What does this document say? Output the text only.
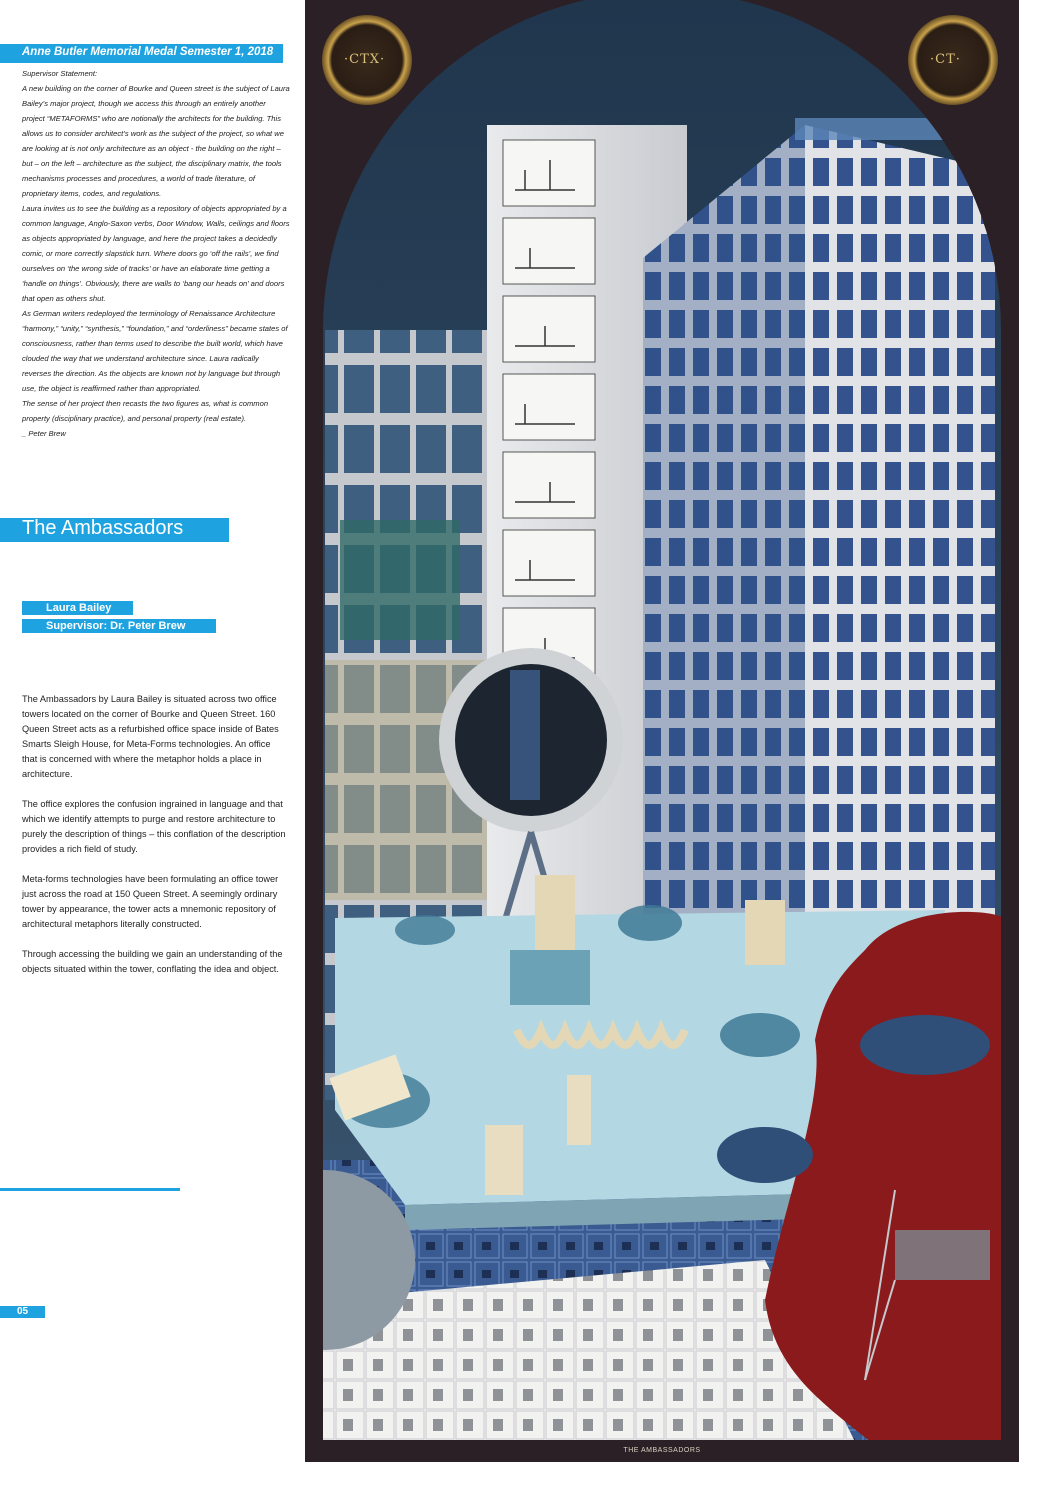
Anne Butler Memorial Medal Semester 1, 2018

Supervisor Statement:

A new building on the corner of Bourke and Queen street is the subject of Laura Bailey’s major project, though we access this through an entirely another project “METAFORMS” who are notionally the architects for the building. This allows us to consider architect’s work as the subject of the project, so what we are looking at is not only architecture as an object - the building on the right – but – on the left – architecture as the subject, the disciplinary matrix, the tools mechanisms processes and procedures, a world of trade literature, of proprietary items, codes, and regulations.

Laura invites us to see the building as a repository of objects appropriated by a common language, Anglo-Saxon verbs, Door Window, Walls, ceilings and floors as objects appropriated by language, and here the project takes a decidedly comic, or more correctly slapstick turn. Where doors go ‘off the rails’, we find ourselves on ‘the wrong side of tracks’ or have an elaborate time getting a ‘handle on things’. Obviously, there are walls to ‘bang our heads on’ and doors that open as others shut.

As German writers redeployed the terminology of Renaissance Architecture “harmony,” “unity,” “synthesis,” “foundation,” and “orderliness” became states of consciousness, rather than terms used to describe the built world, which have clouded the way that we understand architecture since. Laura radically reverses the direction. As the objects are known not by language but through use, the object is reaffirmed rather than appropriated.

The sense of her project then recasts the two figures as, what is common property (disciplinary practice), and personal property (real estate).

_ Peter Brew

The Ambassadors
Laura Bailey
Supervisor: Dr. Peter Brew

The Ambassadors by Laura Bailey is situated across two office towers located on the corner of Bourke and Queen Street. 160 Queen Street acts as a refurbished office space inside of Bates Smarts Sleigh House, for Meta-Forms technologies. An office that is concerned with where the metaphor holds a place in architecture.

The office explores the confusion ingrained in language and that which we identify attempts to purge and restore architecture to purely the description of things – this conflation of the description provides a rich field of study.

Meta-forms technologies have been formulating an office tower just across the road at 150 Queen Street. A seemingly ordinary tower by appearance, the tower acts a mnemonic repository of architectural metaphors literally constructed.

Through accessing the building we gain an understanding of the objects situated within the tower, conflating the idea and object.

05
·CTX·	·CT·
THE AMBASSADORS
